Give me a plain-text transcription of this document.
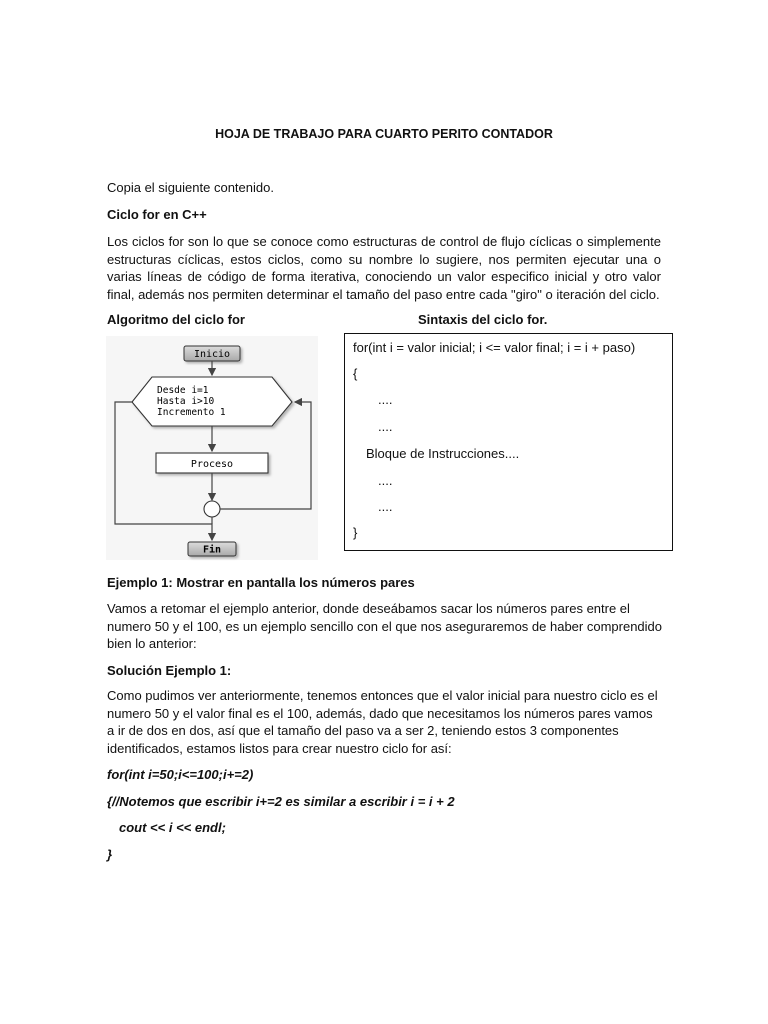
HOJA DE TRABAJO PARA CUARTO PERITO CONTADOR

Copia el siguiente contenido.

Ciclo for en C++

Los ciclos for son lo que se conoce como estructuras de control de flujo cíclicas o simplemente estructuras cíclicas, estos ciclos, como su nombre lo sugiere, nos permiten ejecutar una o varias líneas de código de forma iterativa, conociendo un valor especifico inicial y otro valor final, además nos permiten determinar el tamaño del paso entre cada "giro" o iteración del ciclo.

Algoritmo del ciclo for	Sintaxis del ciclo for.

Inicio
Desde i=1
Hasta i>10
Incremento 1
Proceso
Fin

for(int i = valor inicial; i <= valor final; i = i + paso)

{

....

....

Bloque de Instrucciones....

....

....

}

Ejemplo 1: Mostrar en pantalla los números pares

Vamos a retomar el ejemplo anterior, donde deseábamos sacar los números pares entre el numero 50 y el 100, es un ejemplo sencillo con el que nos aseguraremos de haber comprendido bien lo anterior:

Solución Ejemplo 1:

Como pudimos ver anteriormente, tenemos entonces que el valor inicial para nuestro ciclo es el numero 50 y el valor final es el 100, además, dado que necesitamos los números pares vamos a ir de dos en dos, así que el tamaño del paso va a ser 2, teniendo estos 3 componentes identificados, estamos listos para crear nuestro ciclo for así:

for(int i=50;i<=100;i+=2)

{//Notemos que escribir i+=2 es similar a escribir i = i + 2

cout << i << endl;

}
